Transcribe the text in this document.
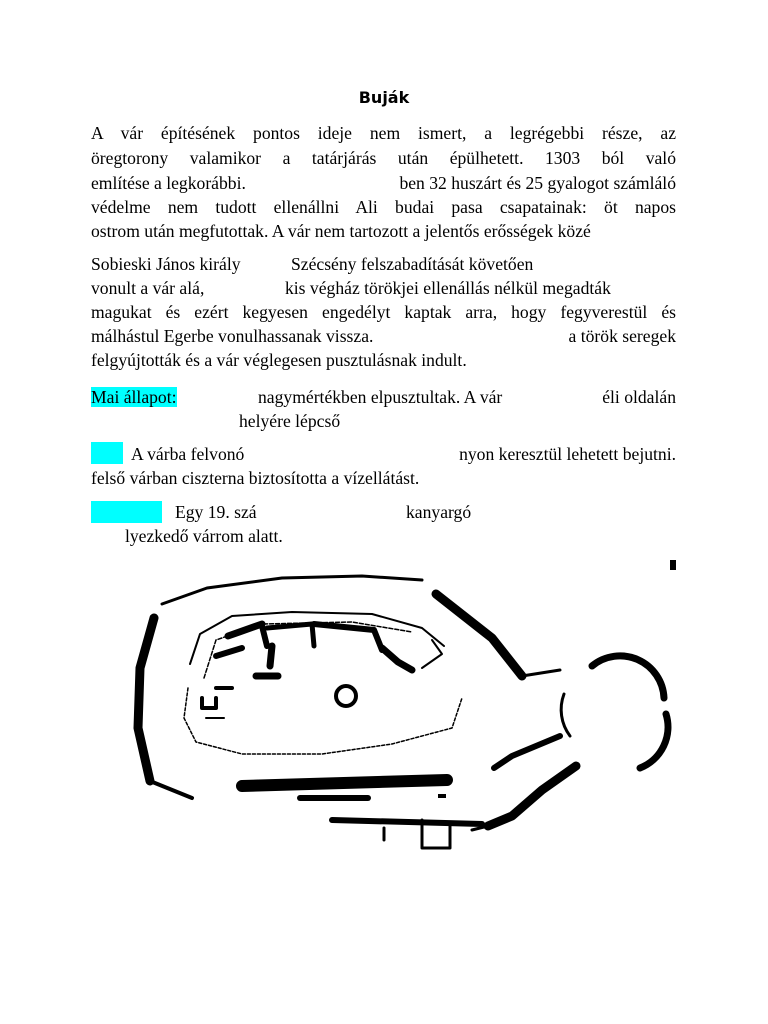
Buják
A vár építésének pontos ideje nem ismert, a legrégebbi része, az
öregtorony valamikor a tatárjárás után épülhetett. 1303 ból való
említése a legkorábbi.	ben 32 huszárt és 25 gyalogot számláló
védelme nem tudott ellenállni Ali budai pasa csapatainak: öt napos
ostrom után megfutottak. A vár nem tartozott a jelentős erősségek közé
Sobieski János király	Szécsény felszabadítását követően
vonult a vár alá,	kis végház törökjei ellenállás nélkül megadták
magukat és ezért kegyesen engedélyt kaptak arra, hogy fegyverestül és
málhástul Egerbe vonulhassanak vissza.	a török seregek
felgyújtották és a vár véglegesen pusztulásnak indult.
Mai állapot:	nagymértékben elpusztultak. A vár	éli oldalán
helyére lépcső
A várba felvonó	nyon keresztül lehetett bejutni.
felső várban ciszterna biztosította a vízellátást.
Egy 19. szá	kanyargó
lyezkedő várrom alatt.
